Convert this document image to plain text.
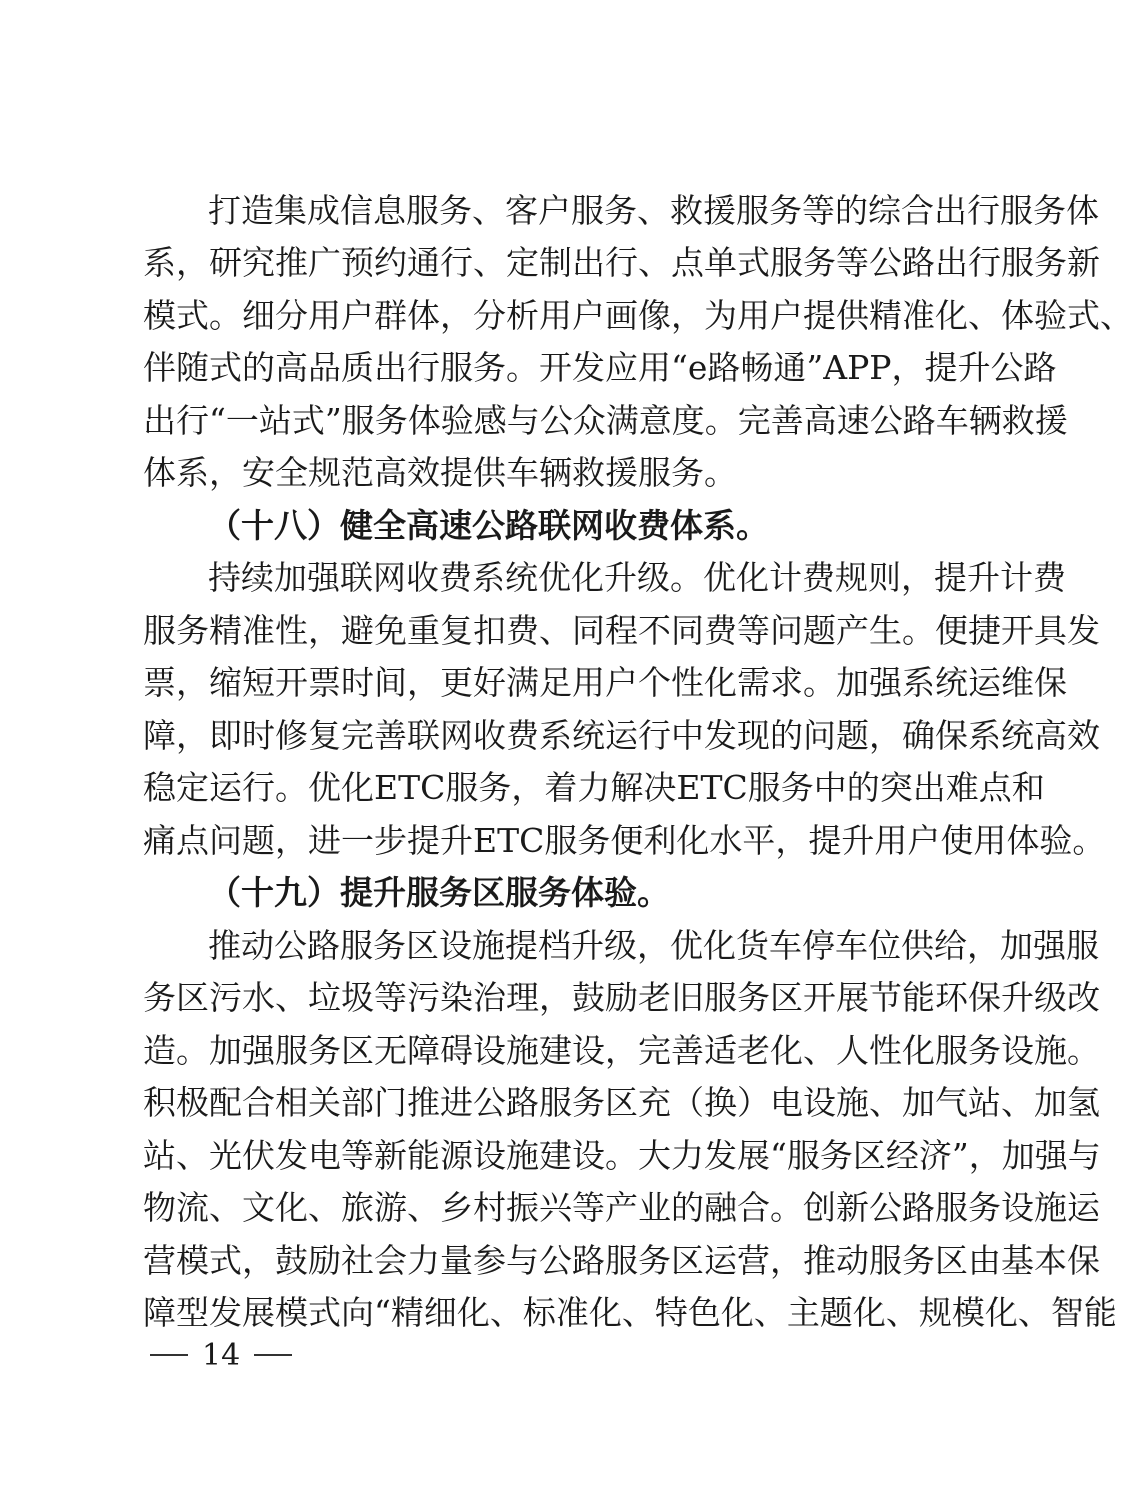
打造集成信息服务、客户服务、救援服务等的综合出行服务体
系，研究推广预约通行、定制出行、点单式服务等公路出行服务新
模式。细分用户群体，分析用户画像，为用户提供精准化、体验式、
伴随式的高品质出行服务。开发应用“e路畅通”APP，提升公路
出行“一站式”服务体验感与公众满意度。完善高速公路车辆救援
体系，安全规范高效提供车辆救援服务。
（十八）健全高速公路联网收费体系。
持续加强联网收费系统优化升级。优化计费规则，提升计费
服务精准性，避免重复扣费、同程不同费等问题产生。便捷开具发
票，缩短开票时间，更好满足用户个性化需求。加强系统运维保
障，即时修复完善联网收费系统运行中发现的问题，确保系统高效
稳定运行。优化ETC服务，着力解决ETC服务中的突出难点和
痛点问题，进一步提升ETC服务便利化水平，提升用户使用体验。
（十九）提升服务区服务体验。
推动公路服务区设施提档升级，优化货车停车位供给，加强服
务区污水、垃圾等污染治理，鼓励老旧服务区开展节能环保升级改
造。加强服务区无障碍设施建设，完善适老化、人性化服务设施。
积极配合相关部门推进公路服务区充（换）电设施、加气站、加氢
站、光伏发电等新能源设施建设。大力发展“服务区经济”，加强与
物流、文化、旅游、乡村振兴等产业的融合。创新公路服务设施运
营模式，鼓励社会力量参与公路服务区运营，推动服务区由基本保
障型发展模式向“精细化、标准化、特色化、主题化、规模化、智能
14
